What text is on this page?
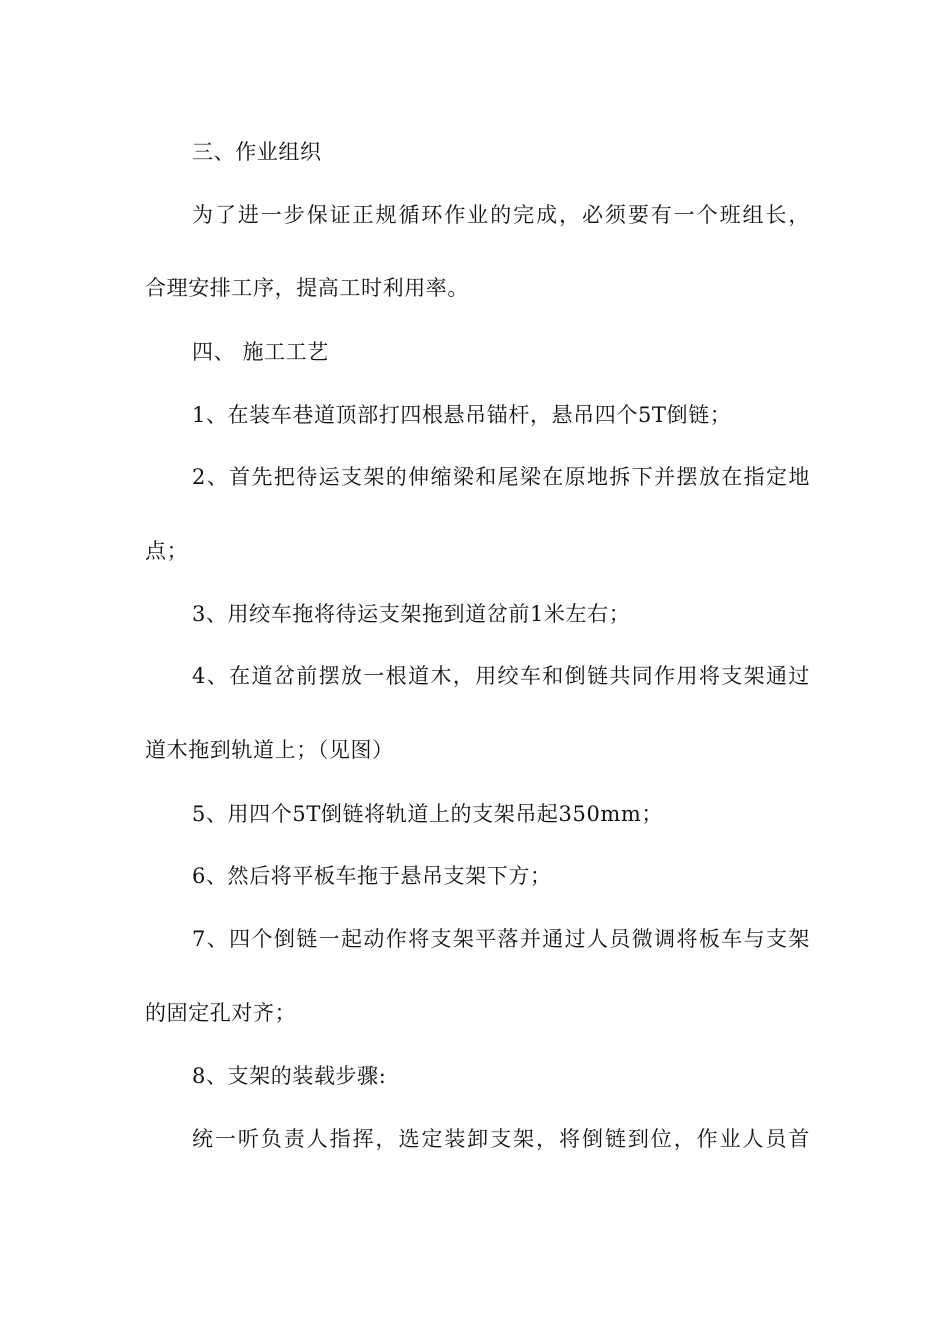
三、作业组织
为了进一步保证正规循环作业的完成，必须要有一个班组长，
合理安排工序，提高工时利用率。
四、 施工工艺
1、在装车巷道顶部打四根悬吊锚杆，悬吊四个5T倒链；
2、首先把待运支架的伸缩梁和尾梁在原地拆下并摆放在指定地
点；
3、用绞车拖将待运支架拖到道岔前1米左右；
4、在道岔前摆放一根道木，用绞车和倒链共同作用将支架通过
道木拖到轨道上；（见图）
5、用四个5T倒链将轨道上的支架吊起350mm；
6、然后将平板车拖于悬吊支架下方；
7、四个倒链一起动作将支架平落并通过人员微调将板车与支架
的固定孔对齐；
8、支架的装载步骤:
统一听负责人指挥，选定装卸支架，将倒链到位，作业人员首
